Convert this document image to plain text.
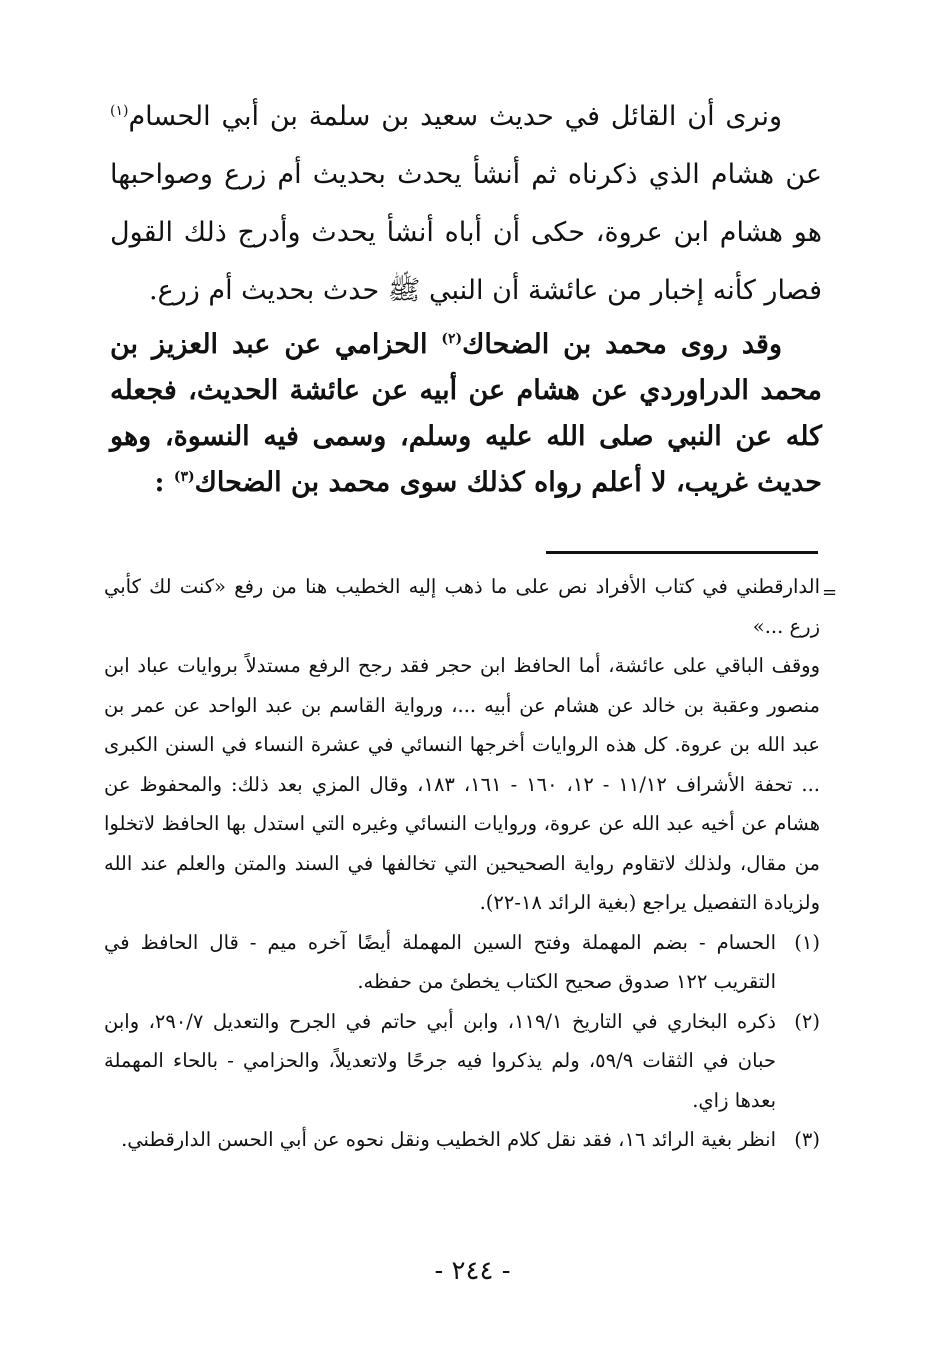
ونرى أن القائل في حديث سعيد بن سلمة بن أبي الحسام$^{(١)}$ عن هشام الذي ذكرناه ثم أنشأ يحدث بحديث أم زرع وصواحبها هو هشام ابن عروة، حكى أن أباه أنشأ يحدث وأدرج ذلك القول فصار كأنه إخبار من عائشة أن النبي ﷺ حدث بحديث أم زرع.

وقد روى محمد بن الضحاك$^{(٢)}$ الحزامي عن عبد العزيز بن محمد الدراوردي عن هشام عن أبيه عن عائشة الحديث، فجعله كله عن النبي صلى الله عليه وسلم، وسمى فيه النسوة، وهو حديث غريب، لا أعلم رواه كذلك سوى محمد بن الضحاك$^{(٣)}$ :

=

الدارقطني في كتاب الأفراد نص على ما ذهب إليه الخطيب هنا من رفع «كنت لك كأبي زرع ...»

ووقف الباقي على عائشة، أما الحافظ ابن حجر فقد رجح الرفع مستدلاً بروايات عباد ابن منصور وعقبة بن خالد عن هشام عن أبيه ...، ورواية القاسم بن عبد الواحد عن عمر بن عبد الله بن عروة. كل هذه الروايات أخرجها النسائي في عشرة النساء في السنن الكبرى ... تحفة الأشراف ١١/١٢ - ١٢، ١٦٠ - ١٦١، ١٨٣، وقال المزي بعد ذلك: والمحفوظ عن هشام عن أخيه عبد الله عن عروة، وروايات النسائي وغيره التي استدل بها الحافظ لاتخلوا من مقال، ولذلك لاتقاوم رواية الصحيحين التي تخالفها في السند والمتن والعلم عند الله ولزيادة التفصيل يراجع (بغية الرائد ١٨-٢٢).

(١)
الحسام - بضم المهملة وفتح السين المهملة أيضًا آخره ميم - قال الحافظ في التقريب ١٢٢ صدوق صحيح الكتاب يخطئ من حفظه.
(٢)
ذكره البخاري في التاريخ ١١٩/١، وابن أبي حاتم في الجرح والتعديل ٢٩٠/٧، وابن حبان في الثقات ٥٩/٩، ولم يذكروا فيه جرحًا ولاتعديلاً، والحزامي - بالحاء المهملة بعدها زاي.
(٣)
انظر بغية الرائد ١٦، فقد نقل كلام الخطيب ونقل نحوه عن أبي الحسن الدارقطني.
- ٢٤٤ -
